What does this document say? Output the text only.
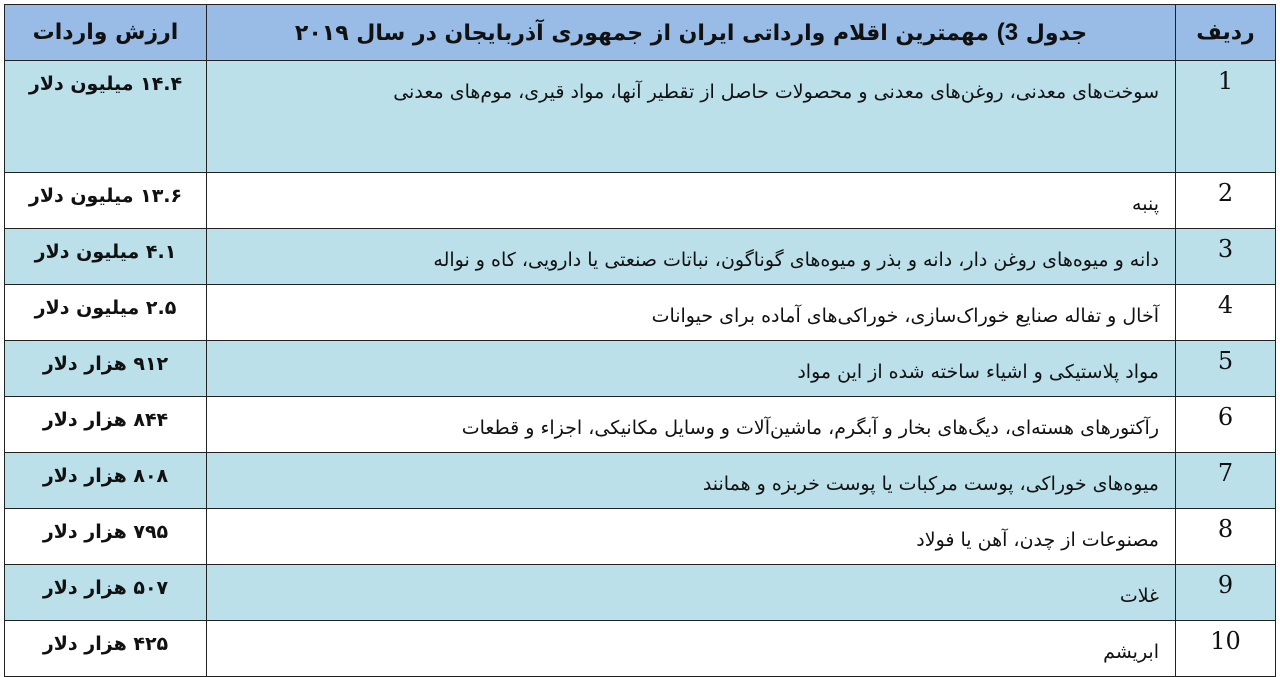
ردیف	جدول 3) مهمترین اقلام وارداتی ایران از جمهوری آذربایجان در سال ۲۰۱۹	ارزش واردات
1	سوخت‌های معدنی، روغن‌های معدنی و محصولات حاصل از تقطیر آنها، مواد قیری، موم‌های معدنی	۱۴.۴ میلیون دلار
2	پنبه	۱۳.۶ میلیون دلار
3	دانه و میوه‌های روغن دار، دانه و بذر و میوه‌های گوناگون، نباتات صنعتی یا دارویی، کاه و نواله	۴.۱ میلیون دلار
4	آخال و تفاله صنایع خوراک‌سازی، خوراکی‌های آماده برای حیوانات	۲.۵ میلیون دلار
5	مواد پلاستیکی و اشیاء ساخته شده از این مواد	۹۱۲ هزار دلار
6	رآکتورهای هسته‌ای، دیگ‌های بخار و آبگرم، ماشین‌آلات و وسایل مکانیکی، اجزاء و قطعات	۸۴۴ هزار دلار
7	میوه‌های خوراکی، پوست مرکبات یا پوست خربزه و همانند	۸۰۸ هزار دلار
8	مصنوعات از چدن، آهن یا فولاد	۷۹۵ هزار دلار
9	غلات	۵۰۷ هزار دلار
10	ابریشم	۴۲۵ هزار دلار
